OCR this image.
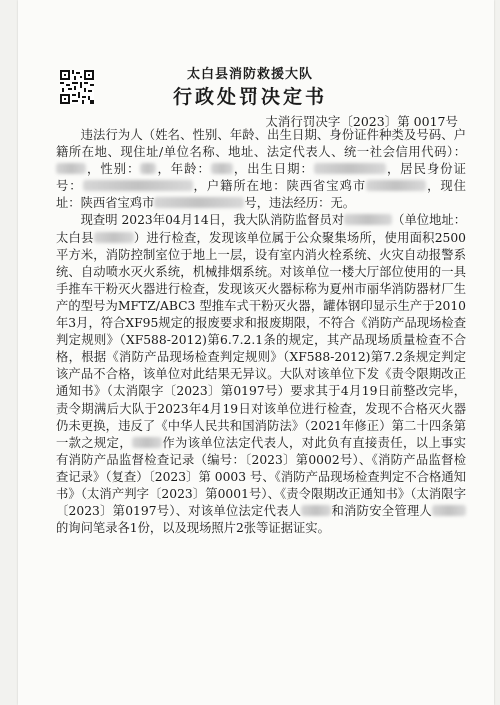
太白县消防救援大队
行政处罚决定书
太消行罚决字〔2023〕第 0017号

违法行为人（姓名、性别、年龄、出生日期、身份证件种类及号码、户籍所在地、现住址/单位名称、地址、法定代表人、统一社会信用代码）：，性别： ，年龄： ，出生日期：	，居民身份证号：	，户籍所在地：陕西省宝鸡市	，现住址：陕西省宝鸡市	号，违法经历：无。

现查明 2023年04月14日，我大队消防监督员对	（单位地址：太白县	）进行检查，发现该单位属于公众聚集场所，使用面积2500 平方米，消防控制室位于地上一层，设有室内消火栓系统、火灾自动报警系统、自动喷水灭火系统，机械排烟系统。对该单位一楼大厅部位使用的一具手推车干粉灭火器进行检查，发现该灭火器标称为夏州市丽华消防器材厂生产的型号为MFTZ/ABC3 型推车式干粉灭火器，罐体钢印显示生产于2010年3月，符合XF95规定的报废要求和报废期限，不符合《消防产品现场检查判定规则》（XF588-2012)第6.7.2.1条的规定，其产品现场质量检查不合格，根据《消防产品现场检查判定规则》（XF588-2012)第7.2条规定判定该产品不合格，该单位对此结果无异议。大队对该单位下发《责令限期改正通知书》（太消限字〔2023〕第0197号）要求其于4月19日前整改完毕，责令期满后大队于2023年4月19日对该单位进行检查，发现不合格灭火器仍未更换，违反了《中华人民共和国消防法》（2021年修正）第二十四条第一款之规定， 作为该单位法定代表人，对此负有直接责任，以上事实有消防产品监督检查记录（编号：〔2023〕第0002号）、《消防产品监督检查记录》（复查）〔2023〕第 0003 号、《消防产品现场检查判定不合格通知书》（太消产判字〔2023〕第0001号）、《责令限期改正通知书》（太消限字〔2023〕第0197号）、对该单位法定代表人 和消防安全管理人的询问笔录各1份，以及现场照片2张等证据证实。
